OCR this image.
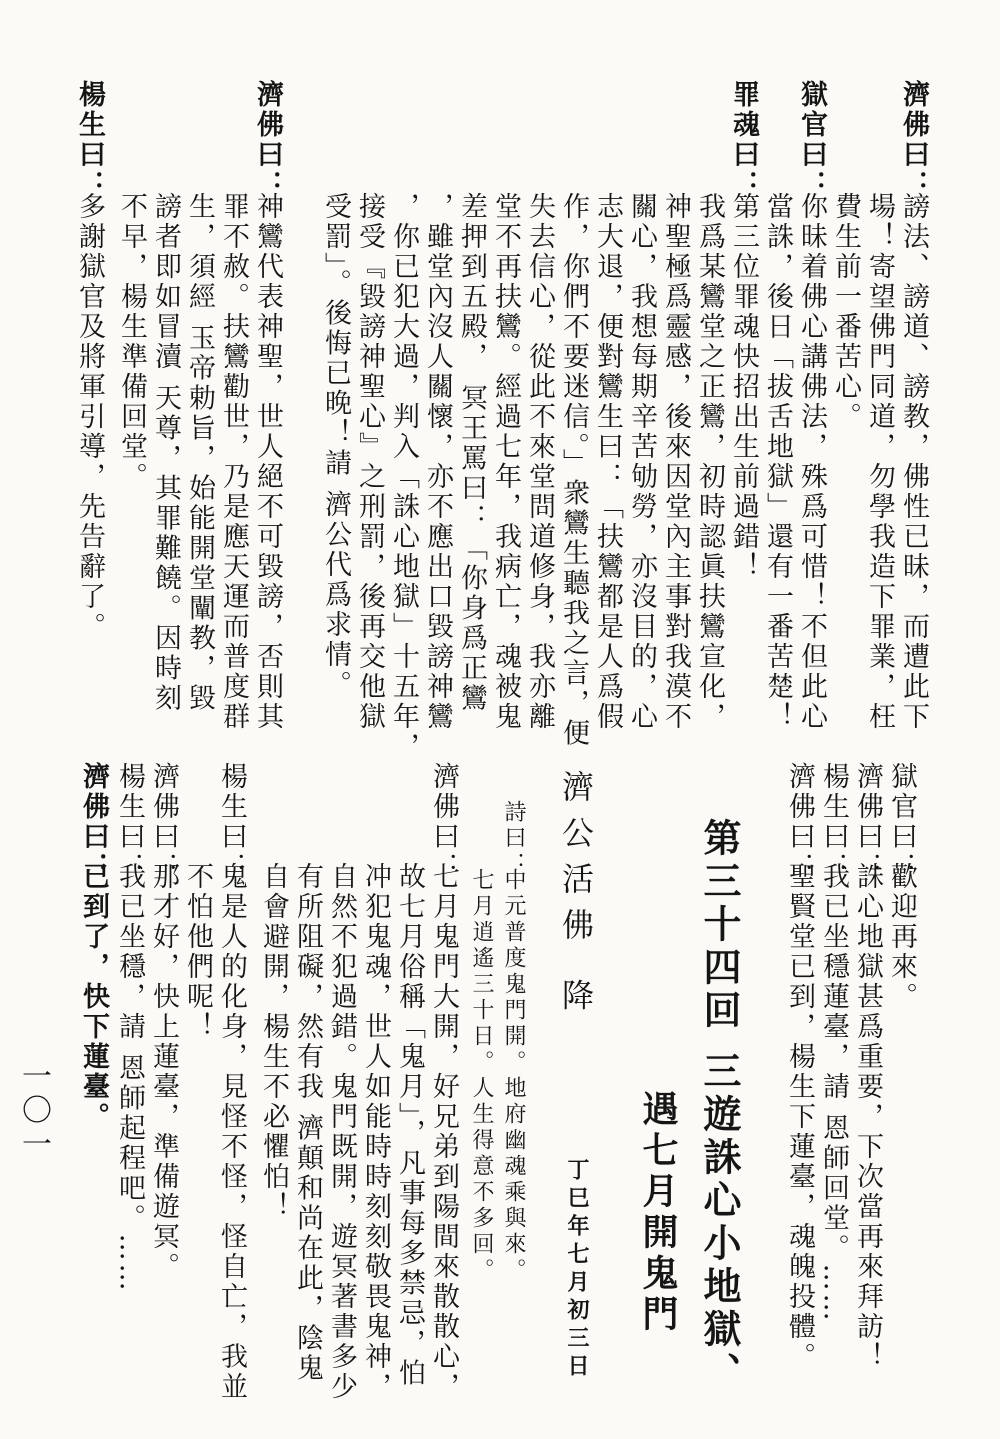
濟佛曰：
謗法、謗道、謗教，佛性已昧，而遭此下
場！寄望佛門同道，勿學我造下罪業，枉
費生前一番苦心。
獄官曰：
你昧着佛心講佛法，殊爲可惜！不但此心
當誅，後日「拔舌地獄」還有一番苦楚！
罪魂曰：
第三位罪魂快招出生前過錯！
我爲某鸞堂之正鸞，初時認眞扶鸞宣化，
神聖極爲靈感，後來因堂內主事對我漠不
關心，我想每期辛苦劬勞，亦沒目的，心
志大退，便對鸞生曰：「扶鸞都是人爲假
作，你們不要迷信。」衆鸞生聽我之言，便
失去信心，從此不來堂問道修身，我亦離
堂不再扶鸞。經過七年，我病亡，魂被鬼
差押到五殿， 冥王罵曰：「你身爲正鸞
，雖堂內沒人關懷，亦不應出口毀謗神鸞
，你已犯大過，判入「誅心地獄」十五年，
接受『毀謗神聖心』之刑罰，後再交他獄
受罰」。後悔已晚！請 濟公代爲求情。
濟佛曰：
神鸞代表神聖，世人絕不可毀謗，否則其
罪不赦。扶鸞勸世，乃是應天運而普度群
生，須經 玉帝勅旨，始能開堂闡教，毀
謗者即如冒瀆 天尊，其罪難饒。因時刻
不早，楊生準備回堂。
楊生曰：
多謝獄官及將軍引導，先告辭了。
獄官曰：
歡迎再來。
濟佛曰：
誅心地獄甚爲重要，下次當再來拜訪！
楊生曰：
我已坐穩蓮臺，請 恩師回堂。……
濟佛曰：
聖賢堂已到，楊生下蓮臺，魂魄投體。
第三十四回 三遊誅心小地獄、
遇七月開鬼門
濟公活佛 降
丁巳年七月初三日
詩曰：
中元普度鬼門開。地府幽魂乘與來。
七月逍遙三十日。人生得意不多回。
濟佛曰：
七月鬼門大開，好兄弟到陽間來散散心，
故七月俗稱「鬼月」，凡事每多禁忌，怕
冲犯鬼魂，世人如能時時刻刻敬畏鬼神，
自然不犯過錯。鬼門既開，遊冥著書多少
有所阻礙，然有我 濟顛和尚在此，陰鬼
自會避開，楊生不必懼怕！
楊生曰：
鬼是人的化身，見怪不怪，怪自亡，我並
不怕他們呢！
濟佛曰：
那才好，快上蓮臺，準備遊冥。
楊生曰：
我已坐穩，請 恩師起程吧。……
濟佛曰：
已到了，快下蓮臺。
一〇一
